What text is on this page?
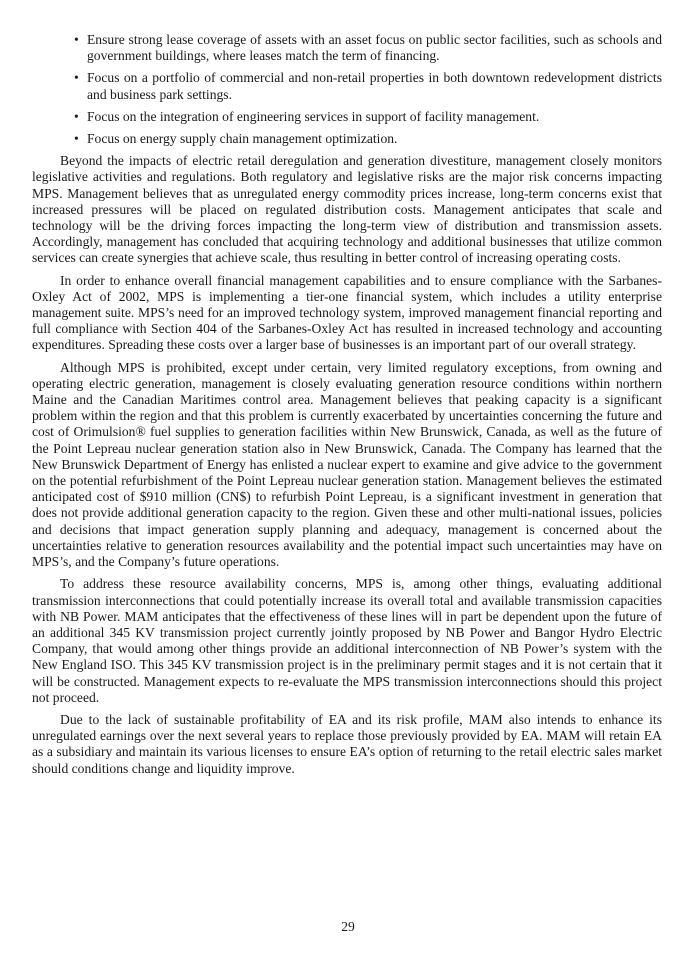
• Ensure strong lease coverage of assets with an asset focus on public sector facilities, such as schools and government buildings, where leases match the term of financing.
• Focus on a portfolio of commercial and non-retail properties in both downtown redevelopment districts and business park settings.
• Focus on the integration of engineering services in support of facility management.
• Focus on energy supply chain management optimization.

Beyond the impacts of electric retail deregulation and generation divestiture, management closely monitors legislative activities and regulations. Both regulatory and legislative risks are the major risk concerns impacting MPS. Management believes that as unregulated energy commodity prices increase, long-term concerns exist that increased pressures will be placed on regulated distribution costs. Management anticipates that scale and technology will be the driving forces impacting the long-term view of distribution and transmission assets. Accordingly, management has concluded that acquiring technology and additional businesses that utilize common services can create synergies that achieve scale, thus resulting in better control of increasing operating costs.

In order to enhance overall financial management capabilities and to ensure compliance with the Sarbanes-Oxley Act of 2002, MPS is implementing a tier-one financial system, which includes a utility enterprise management suite. MPS’s need for an improved technology system, improved management financial reporting and full compliance with Section 404 of the Sarbanes-Oxley Act has resulted in increased technology and accounting expenditures. Spreading these costs over a larger base of businesses is an important part of our overall strategy.

Although MPS is prohibited, except under certain, very limited regulatory exceptions, from owning and operating electric generation, management is closely evaluating generation resource conditions within northern Maine and the Canadian Maritimes control area. Management believes that peaking capacity is a significant problem within the region and that this problem is currently exacerbated by uncertainties concerning the future and cost of Orimulsion® fuel supplies to generation facilities within New Brunswick, Canada, as well as the future of the Point Lepreau nuclear generation station also in New Brunswick, Canada. The Company has learned that the New Brunswick Department of Energy has enlisted a nuclear expert to examine and give advice to the government on the potential refurbishment of the Point Lepreau nuclear generation station. Management believes the estimated anticipated cost of $910 million (CN$) to refurbish Point Lepreau, is a significant investment in generation that does not provide additional generation capacity to the region. Given these and other multi-national issues, policies and decisions that impact generation supply planning and adequacy, management is concerned about the uncertainties relative to generation resources availability and the potential impact such uncertainties may have on MPS’s, and the Company’s future operations.

To address these resource availability concerns, MPS is, among other things, evaluating additional transmission interconnections that could potentially increase its overall total and available transmission capacities with NB Power. MAM anticipates that the effectiveness of these lines will in part be dependent upon the future of an additional 345 KV transmission project currently jointly proposed by NB Power and Bangor Hydro Electric Company, that would among other things provide an additional interconnection of NB Power’s system with the New England ISO. This 345 KV transmission project is in the preliminary permit stages and it is not certain that it will be constructed. Management expects to re-evaluate the MPS transmission interconnections should this project not proceed.

Due to the lack of sustainable profitability of EA and its risk profile, MAM also intends to enhance its unregulated earnings over the next several years to replace those previously provided by EA. MAM will retain EA as a subsidiary and maintain its various licenses to ensure EA’s option of returning to the retail electric sales market should conditions change and liquidity improve.

29
